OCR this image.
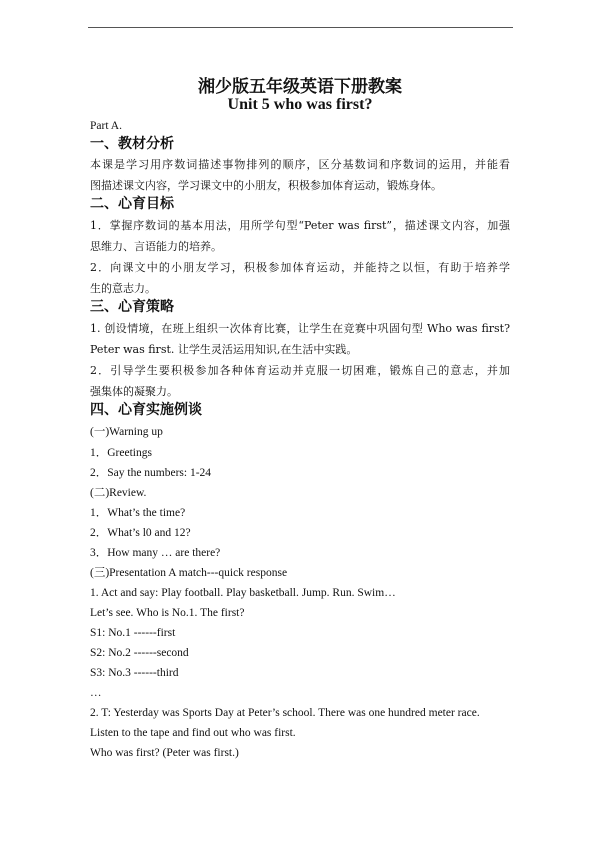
湘少版五年级英语下册教案
Unit 5 who was first?
Part A.
一、教材分析
本课是学习用序数词描述事物排列的顺序，区分基数词和序数词的运用，并能看
图描述课文内容，学习课文中的小朋友，积极参加体育运动，锻炼身体。
二、心育目标
1．掌握序数词的基本用法，用所学句型“Peter was first”，描述课文内容，加强
思维力、言语能力的培养。
2．向课文中的小朋友学习，积极参加体育运动，并能持之以恒，有助于培养学
生的意志力。
三、心育策略
1. 创设情境，在班上组织一次体育比赛，让学生在竞赛中巩固句型 Who was first?
Peter was first. 让学生灵活运用知识,在生活中实践。
2．引导学生要积极参加各种体育运动并克服一切困难，锻炼自己的意志，并加
强集体的凝聚力。
四、心育实施例谈
(一)Warning up
1．Greetings
2．Say the numbers: 1-24
(二)Review.
1．What’s the time?
2．What’s l0 and 12?
3．How many … are there?
(三)Presentation A match---quick response
1. Act and say: Play football. Play basketball. Jump. Run. Swim…
Let’s see. Who is No.1. The first?
S1: No.1 ------first
S2: No.2 ------second
S3: No.3 ------third
…
2. T: Yesterday was Sports Day at Peter’s school. There was one hundred meter race.
Listen to the tape and find out who was first.
Who was first? (Peter was first.)
